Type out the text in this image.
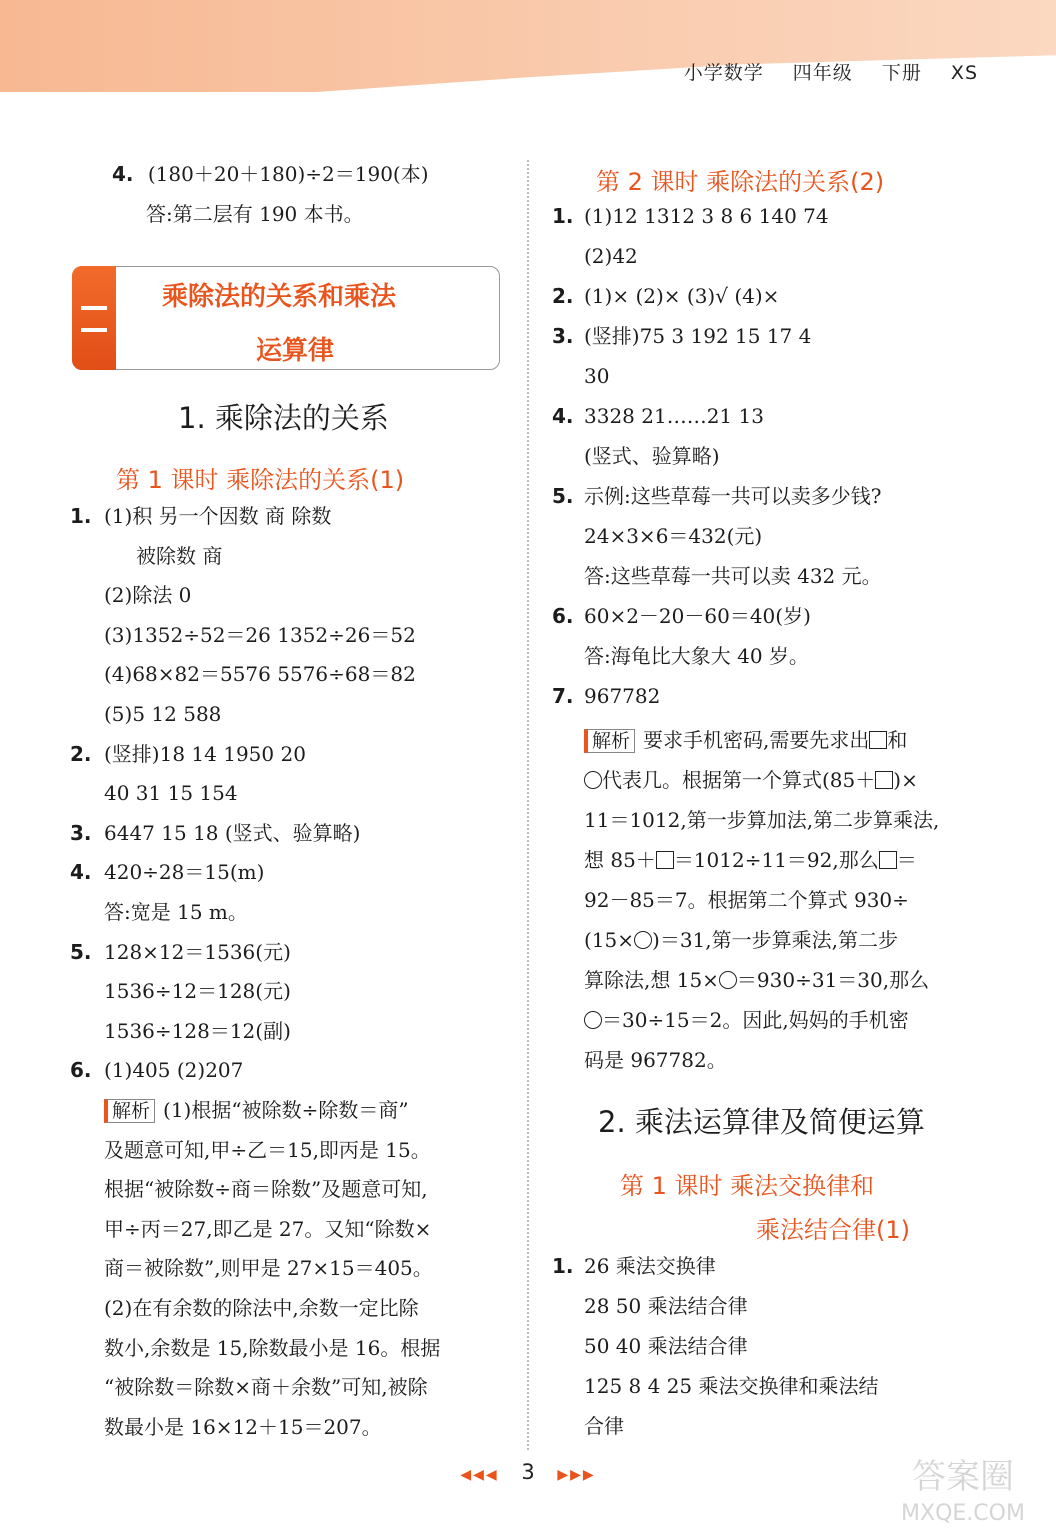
小学数学 四年级 下册 XS
4. (180＋20＋180)÷2＝190(本)
答:第二层有 190 本书。
乘除法的关系和乘法
运算律
1. 乘除法的关系
第 1 课时 乘除法的关系(1)
1. (1)积 另一个因数 商 除数
被除数 商
(2)除法 0
(3)1352÷52＝26 1352÷26＝52
(4)68×82＝5576 5576÷68＝82
(5)5 12 588
2. (竖排)18 14 1950 20
40 31 15 154
3. 6447 15 18 (竖式、验算略)
4. 420÷28＝15(m)
答:宽是 15 m。
5. 128×12＝1536(元)
1536÷12＝128(元)
1536÷128＝12(副)
6. (1)405 (2)207
解析 (1)根据“被除数÷除数＝商”
及题意可知,甲÷乙＝15,即丙是 15。
根据“被除数÷商＝除数”及题意可知,
甲÷丙＝27,即乙是 27。又知“除数×
商＝被除数”,则甲是 27×15＝405。
(2)在有余数的除法中,余数一定比除
数小,余数是 15,除数最小是 16。根据
“被除数＝除数×商＋余数”可知,被除
数最小是 16×12＋15＝207。
第 2 课时 乘除法的关系(2)
1. (1)12 1312 3 8 6 140 74
(2)42
2. (1)× (2)× (3)√ (4)×
3. (竖排)75 3 192 15 17 4
30
4. 3328 21……21 13
(竖式、验算略)
5. 示例:这些草莓一共可以卖多少钱?
24×3×6＝432(元)
答:这些草莓一共可以卖 432 元。
6. 60×2－20－60＝40(岁)
答:海龟比大象大 40 岁。
7. 967782
解析 要求手机密码,需要先求出 和
代表几。根据第一个算式(85＋ )×
11＝1012,第一步算加法,第二步算乘法,
想 85＋ ＝1012÷11＝92,那么 ＝
92－85＝7。根据第二个算式 930÷
(15× )＝31,第一步算乘法,第二步
算除法,想 15× ＝930÷31＝30,那么
＝30÷15＝2。因此,妈妈的手机密
码是 967782。
2. 乘法运算律及简便运算
第 1 课时 乘法交换律和
乘法结合律(1)
1. 26 乘法交换律
28 50 乘法结合律
50 40 乘法结合律
125 8 4 25 乘法交换律和乘法结
合律
◀◀◀ 3 ▶▶▶	答案圈
MXQE.COM
